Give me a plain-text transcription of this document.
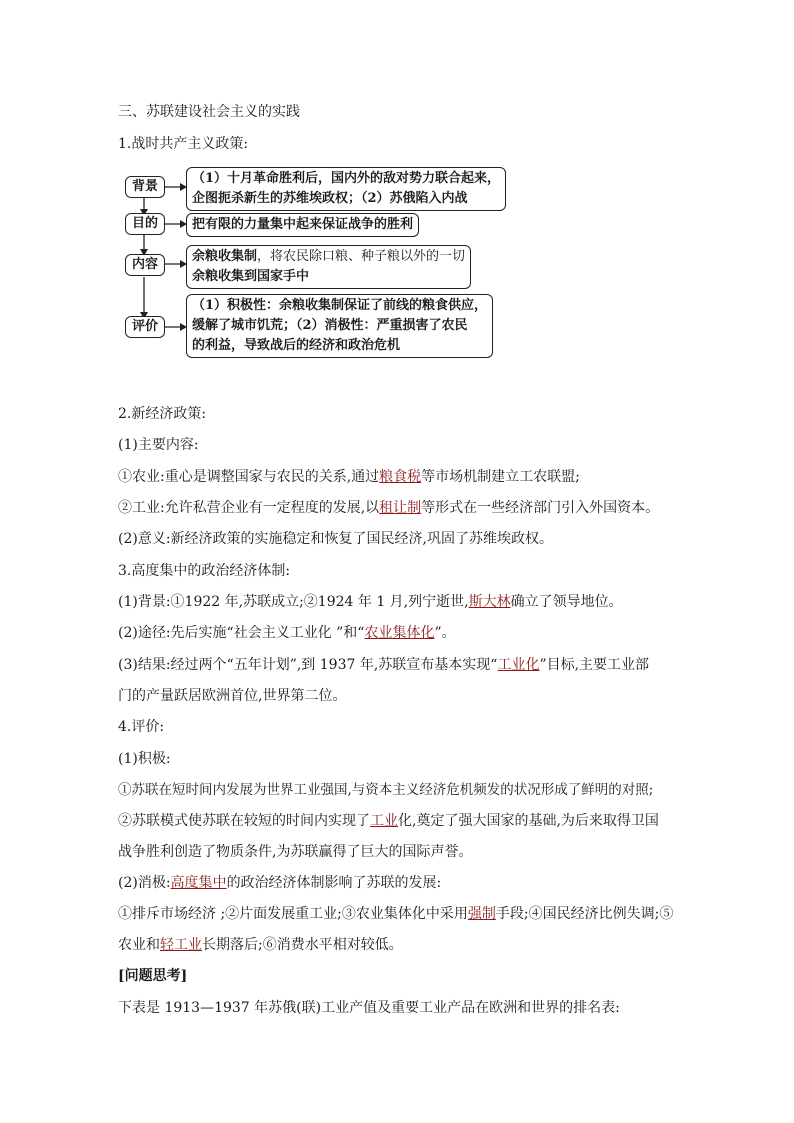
三、苏联建设社会主义的实践
1.战时共产主义政策:
背景
目的
内容
评价
（1）十月革命胜利后，国内外的敌对势力联合起来，
企图扼杀新生的苏维埃政权；（2）苏俄陷入内战
把有限的力量集中起来保证战争的胜利
余粮收集制，将农民除口粮、种子粮以外的一切
余粮收集到国家手中
（1）积极性：余粮收集制保证了前线的粮食供应，
缓解了城市饥荒；（2）消极性：严重损害了农民
的利益，导致战后的经济和政治危机
2.新经济政策:
(1)主要内容:
①农业:重心是调整国家与农民的关系,通过粮食税等市场机制建立工农联盟;
②工业:允许私营企业有一定程度的发展,以租让制等形式在一些经济部门引入外国资本。
(2)意义:新经济政策的实施稳定和恢复了国民经济,巩固了苏维埃政权。
3.高度集中的政治经济体制:
(1)背景:①1922 年,苏联成立;②1924 年 1 月,列宁逝世,斯大林确立了领导地位。
(2)途径:先后实施“社会主义工业化 ”和“农业集体化”。
(3)结果:经过两个“五年计划”,到 1937 年,苏联宣布基本实现“工业化”目标,主要工业部
门的产量跃居欧洲首位,世界第二位。
4.评价:
(1)积极:
①苏联在短时间内发展为世界工业强国,与资本主义经济危机频发的状况形成了鲜明的对照;
②苏联模式使苏联在较短的时间内实现了工业化,奠定了强大国家的基础,为后来取得卫国
战争胜利创造了物质条件,为苏联赢得了巨大的国际声誉。
(2)消极:高度集中的政治经济体制影响了苏联的发展:
①排斥市场经济 ;②片面发展重工业;③农业集体化中采用强制手段;④国民经济比例失调;⑤
农业和轻工业长期落后;⑥消费水平相对较低。
[问题思考]
下表是 1913—1937 年苏俄(联)工业产值及重要工业产品在欧洲和世界的排名表:
